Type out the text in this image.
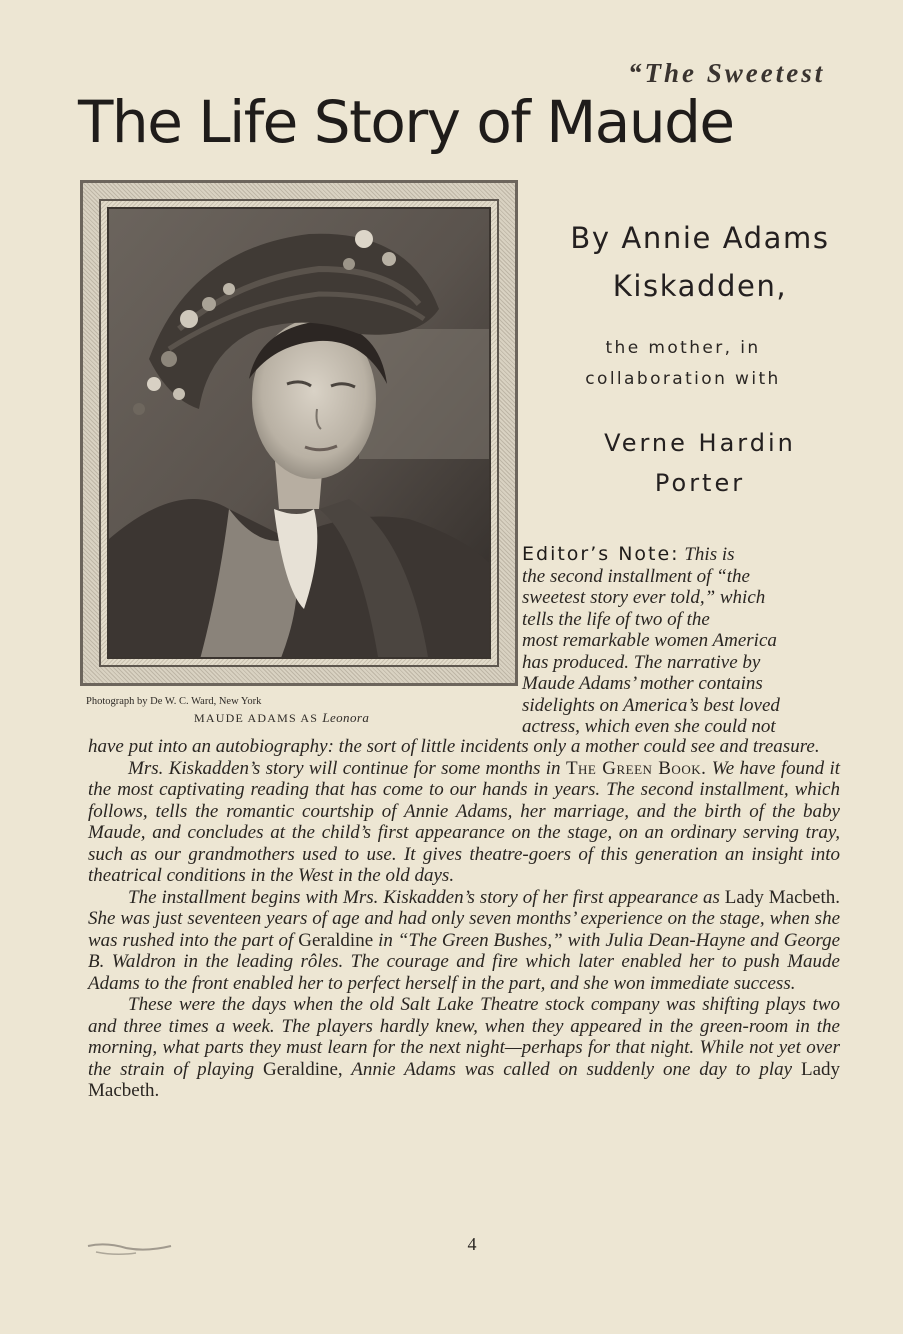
“The Sweetest
The Life Story of Maude
Photograph by De W. C. Ward, New York
MAUDE ADAMS AS Leonora
By Annie Adams
Kiskadden,
the mother, in
collaboration with
Verne Hardin
Porter
Editor’s Note: This is
the second installment of “the
sweetest story ever told,” which
tells the life of two of the
most remarkable women America
has produced. The narrative by
Maude Adams’ mother contains
sidelights on America’s best loved
actress, which even she could not

have put into an autobiography: the sort of little incidents only a mother could see and treasure.

Mrs. Kiskadden’s story will continue for some months in The Green Book. We have found it the most captivating reading that has come to our hands in years. The second installment, which follows, tells the romantic courtship of Annie Adams, her marriage, and the birth of the baby Maude, and concludes at the child’s first appearance on the stage, on an ordinary serving tray, such as our grandmothers used to use. It gives theatre-goers of this generation an insight into theatrical conditions in the West in the old days.

The installment begins with Mrs. Kiskadden’s story of her first appearance as Lady Macbeth. She was just seventeen years of age and had only seven months’ experience on the stage, when she was rushed into the part of Geraldine in “The Green Bushes,” with Julia Dean-Hayne and George B. Waldron in the leading rôles. The courage and fire which later enabled her to push Maude Adams to the front enabled her to perfect herself in the part, and she won immediate success.

These were the days when the old Salt Lake Theatre stock company was shifting plays two and three times a week. The players hardly knew, when they appeared in the green-room in the morning, what parts they must learn for the next night—perhaps for that night. While not yet over the strain of playing Geraldine, Annie Adams was called on suddenly one day to play Lady Macbeth.

4
